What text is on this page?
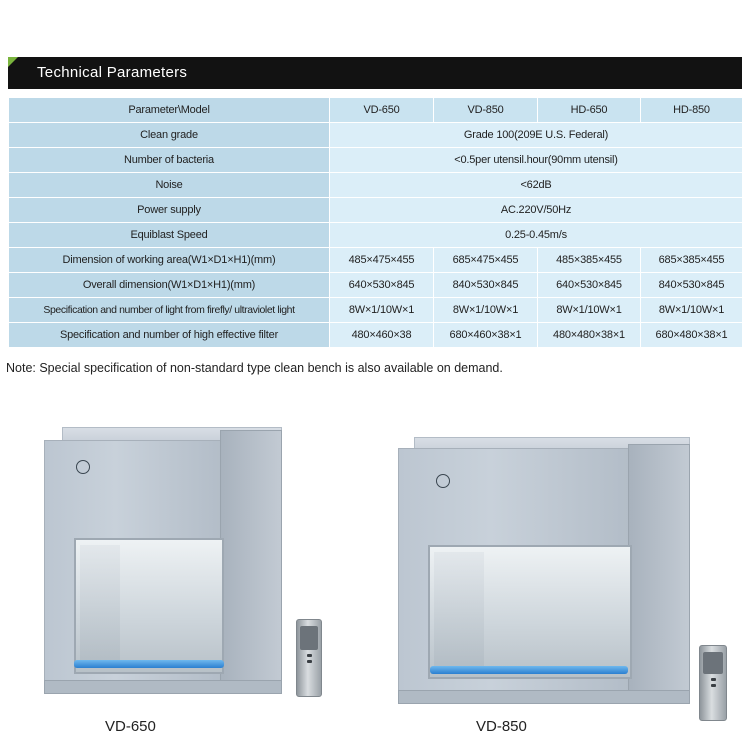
Technical Parameters
Parameter\Model	VD-650	VD-850	HD-650	HD-850
Clean grade	Grade 100(209E U.S. Federal)			
Number of bacteria	<0.5per utensil.hour(90mm utensil)			
Noise	<62dB			
Power supply	AC.220V/50Hz			
Equiblast Speed	0.25-0.45m/s			
Dimension of working area(W1×D1×H1)(mm)	485×475×455	685×475×455	485×385×455	685×385×455
Overall dimension(W1×D1×H1)(mm)	640×530×845	840×530×845	640×530×845	840×530×845
Specification and number of light from firefly/ ultraviolet light	8W×1/10W×1	8W×1/10W×1	8W×1/10W×1	8W×1/10W×1
Specification and number of high effective filter	480×460×38	680×460×38×1	480×480×38×1	680×480×38×1
Note: Special specification of non-standard type clean bench is also available on demand.
VD-650	VD-850
